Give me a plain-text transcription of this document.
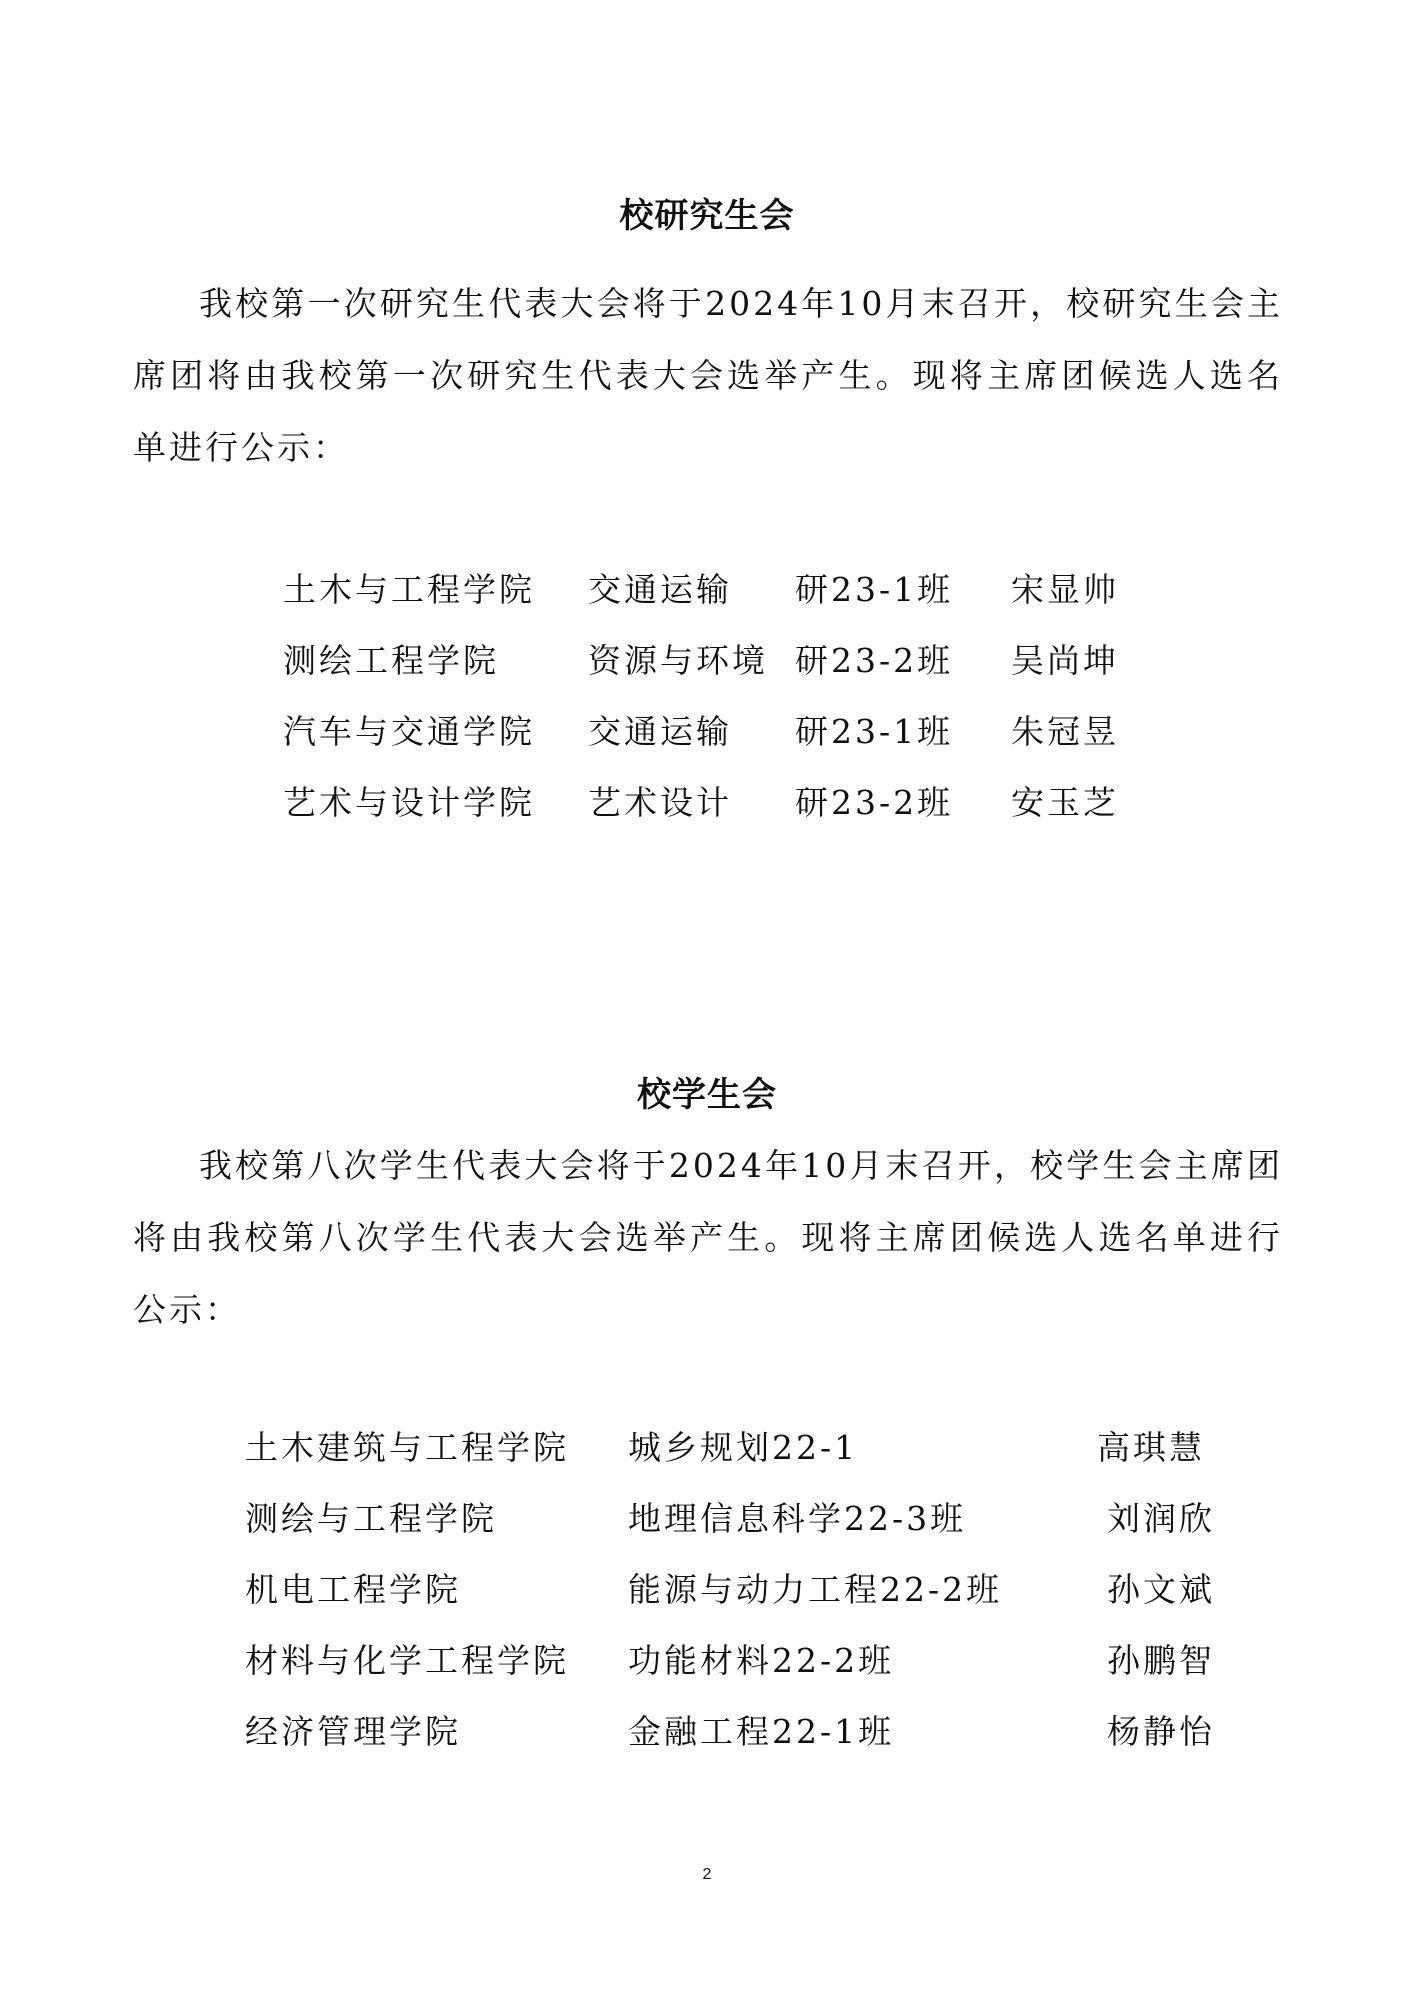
校研究生会

我校第一次研究生代表大会将于2024年10月末召开，校研究生会主席团将由我校第一次研究生代表大会选举产生。现将主席团候选人选名单进行公示：

土木与工程学院 交通运输 研23-1班 宋显帅
测绘工程学院	资源与环境 研23-2班 吴尚坤
汽车与交通学院 交通运输 研23-1班 朱冠昱
艺术与设计学院 艺术设计 研23-2班 安玉芝
校学生会

我校第八次学生代表大会将于2024年10月末召开，校学生会主席团将由我校第八次学生代表大会选举产生。现将主席团候选人选名单进行公示：

土木建筑与工程学院 城乡规划22-1	高琪慧
测绘与工程学院	地理信息科学22-3班	刘润欣
机电工程学院	能源与动力工程22-2班	孙文斌
材料与化学工程学院 功能材料22-2班	孙鹏智
经济管理学院	金融工程22-1班	杨静怡
2
